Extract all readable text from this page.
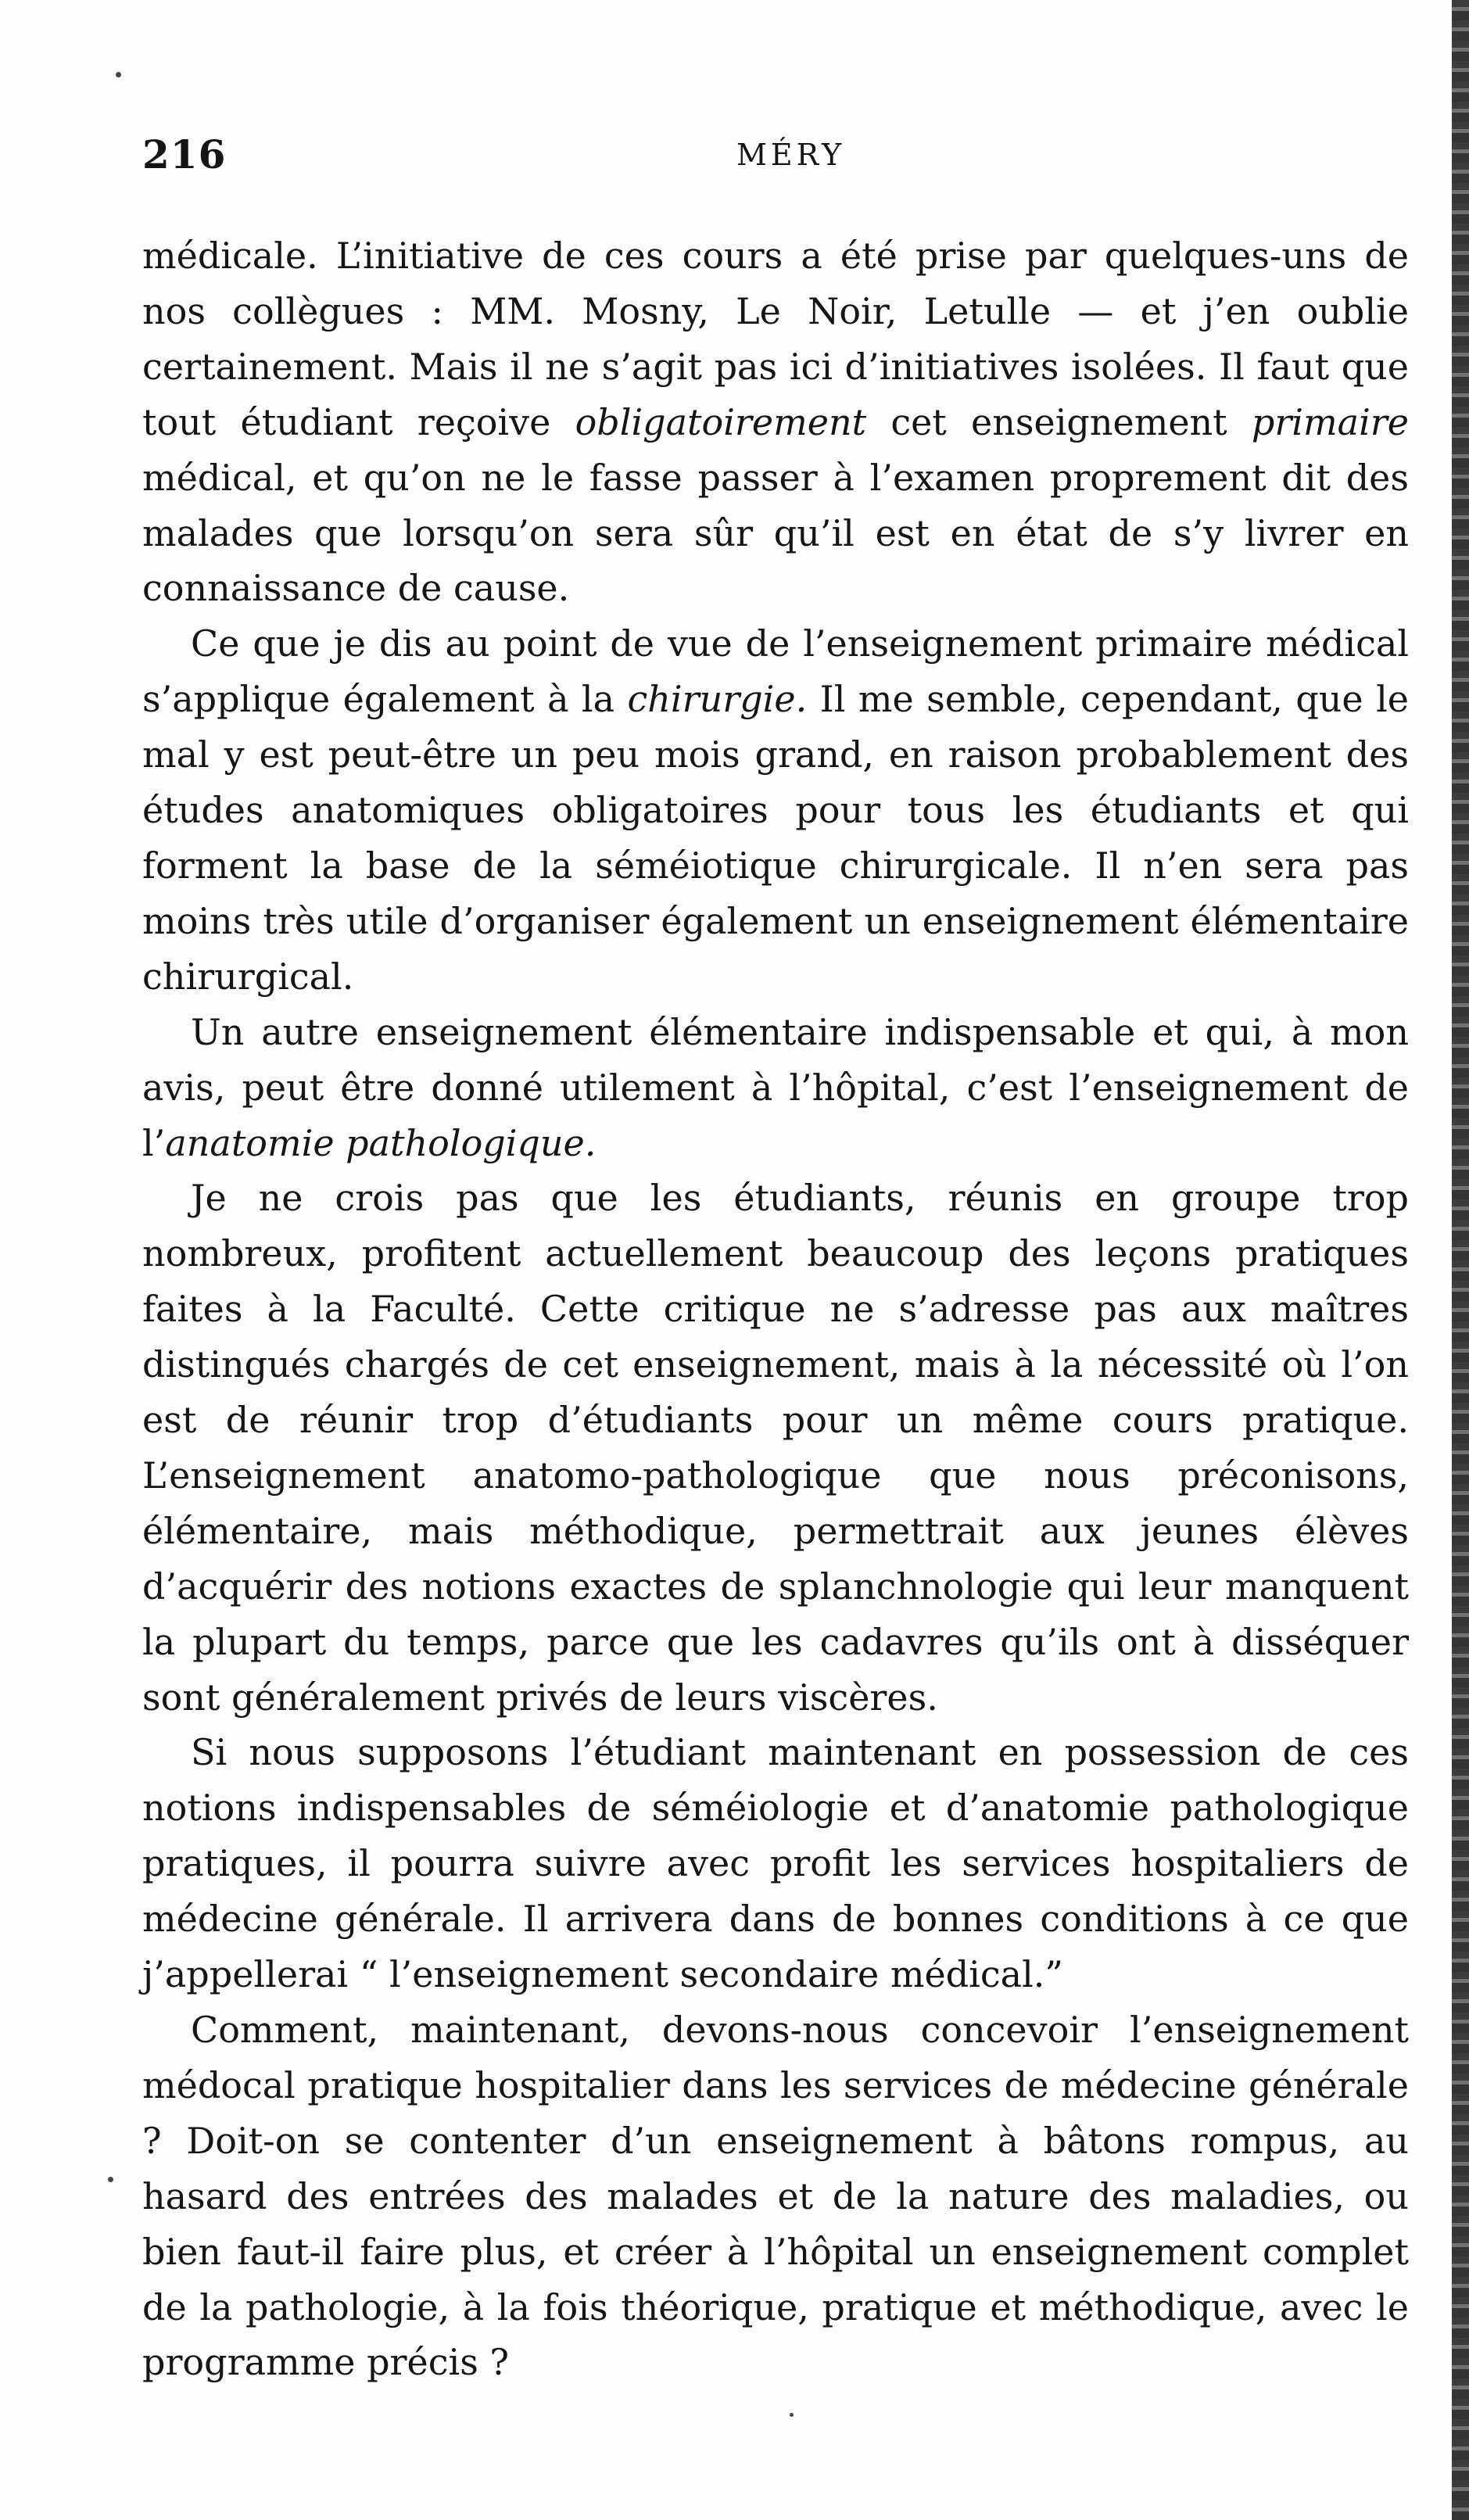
216	MÉRY

médicale. L’initiative de ces cours a été prise par quelques-uns de nos collègues : MM. Mosny, Le Noir, Letulle — et j’en oublie certainement. Mais il ne s’agit pas ici d’initiatives isolées. Il faut que tout étudiant reçoive obligatoirement cet enseignement primaire médical, et qu’on ne le fasse passer à l’examen proprement dit des malades que lorsqu’on sera sûr qu’il est en état de s’y livrer en connaissance de cause.

Ce que je dis au point de vue de l’enseignement primaire médical s’applique également à la chirurgie. Il me semble, cependant, que le mal y est peut-être un peu mois grand, en raison probablement des études anatomiques obligatoires pour tous les étudiants et qui forment la base de la séméiotique chirurgicale. Il n’en sera pas moins très utile d’organiser également un enseignement élémentaire chirurgical.

Un autre enseignement élémentaire indispensable et qui, à mon avis, peut être donné utilement à l’hôpital, c’est l’enseignement de l’anatomie pathologique.

Je ne crois pas que les étudiants, réunis en groupe trop nombreux, profitent actuellement beaucoup des leçons pratiques faites à la Faculté. Cette critique ne s’adresse pas aux maîtres distingués chargés de cet enseignement, mais à la nécessité où l’on est de réunir trop d’étudiants pour un même cours pratique. L’enseignement anatomo-pathologique que nous préconisons, élémentaire, mais méthodique, permettrait aux jeunes élèves d’acquérir des notions exactes de splanchnologie qui leur manquent la plupart du temps, parce que les cadavres qu’ils ont à disséquer sont généralement privés de leurs viscères.

Si nous supposons l’étudiant maintenant en possession de ces notions indispensables de séméiologie et d’anatomie pathologique pratiques, il pourra suivre avec profit les services hospitaliers de médecine générale. Il arrivera dans de bonnes conditions à ce que j’appellerai “ l’enseignement secondaire médical.”

Comment, maintenant, devons-nous concevoir l’enseignement médocal pratique hospitalier dans les services de médecine générale ? Doit-on se contenter d’un enseignement à bâtons rompus, au hasard des entrées des malades et de la nature des maladies, ou bien faut-il faire plus, et créer à l’hôpital un enseignement complet de la pathologie, à la fois théorique, pratique et méthodique, avec le programme précis ?
